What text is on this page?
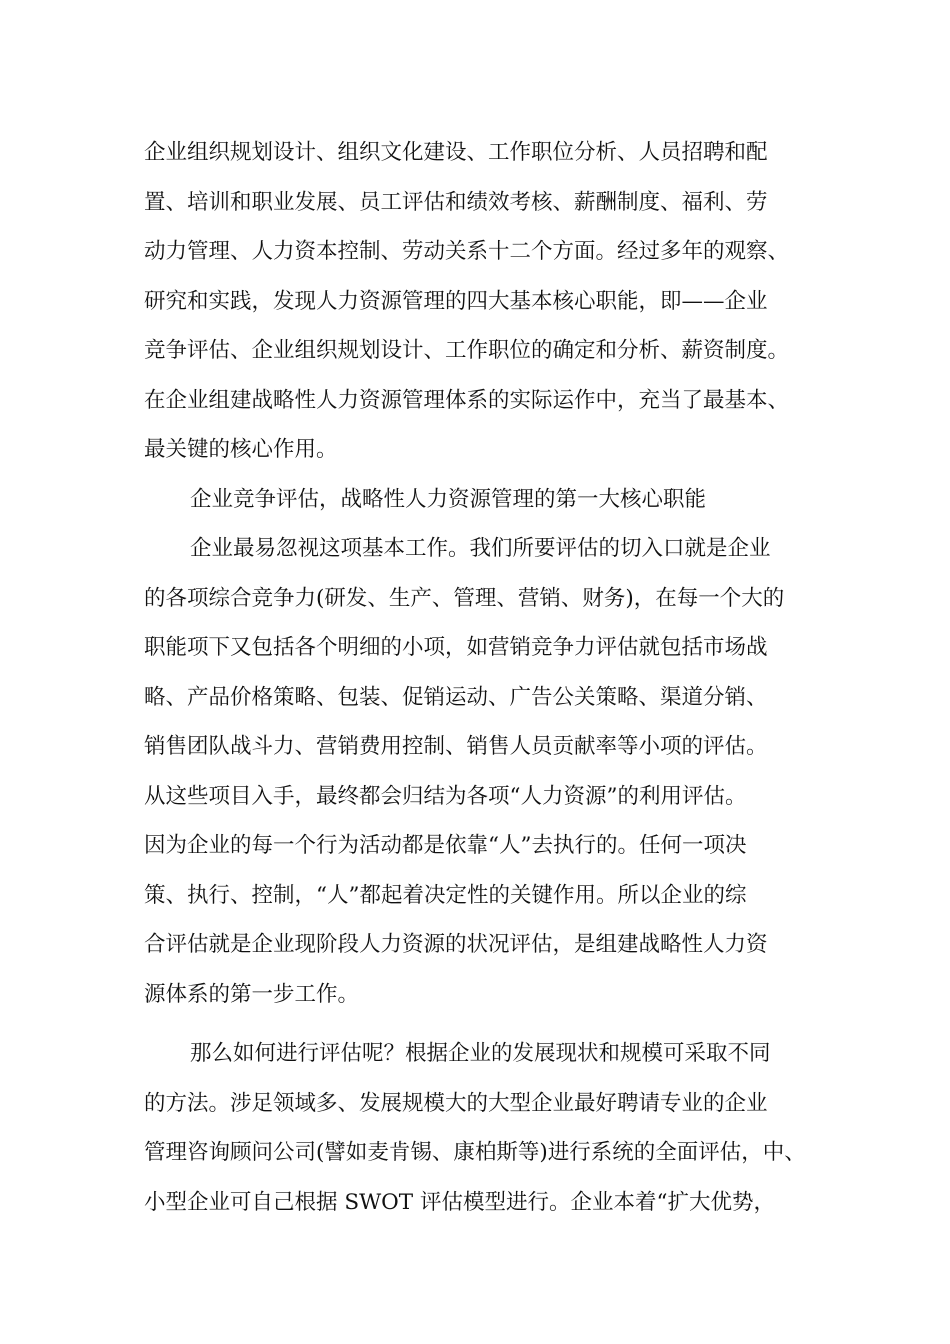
企业组织规划设计、组织文化建设、工作职位分析、人员招聘和配
置、培训和职业发展、员工评估和绩效考核、薪酬制度、福利、劳
动力管理、人力资本控制、劳动关系十二个方面。经过多年的观察、
研究和实践，发现人力资源管理的四大基本核心职能，即——企业
竞争评估、企业组织规划设计、工作职位的确定和分析、薪资制度。
在企业组建战略性人力资源管理体系的实际运作中，充当了最基本、
最关键的核心作用。
企业竞争评估，战略性人力资源管理的第一大核心职能
企业最易忽视这项基本工作。我们所要评估的切入口就是企业
的各项综合竞争力(研发、生产、管理、营销、财务)，在每一个大的
职能项下又包括各个明细的小项，如营销竞争力评估就包括市场战
略、产品价格策略、包装、促销运动、广告公关策略、渠道分销、
销售团队战斗力、营销费用控制、销售人员贡献率等小项的评估。
从这些项目入手，最终都会归结为各项“人力资源”的利用评估。
因为企业的每一个行为活动都是依靠“人”去执行的。任何一项决
策、执行、控制，“人”都起着决定性的关键作用。所以企业的综
合评估就是企业现阶段人力资源的状况评估，是组建战略性人力资
源体系的第一步工作。
那么如何进行评估呢？根据企业的发展现状和规模可采取不同
的方法。涉足领域多、发展规模大的大型企业最好聘请专业的企业
管理咨询顾问公司(譬如麦肯锡、康柏斯等)进行系统的全面评估，中、
小型企业可自己根据 SWOT 评估模型进行。企业本着“扩大优势，
